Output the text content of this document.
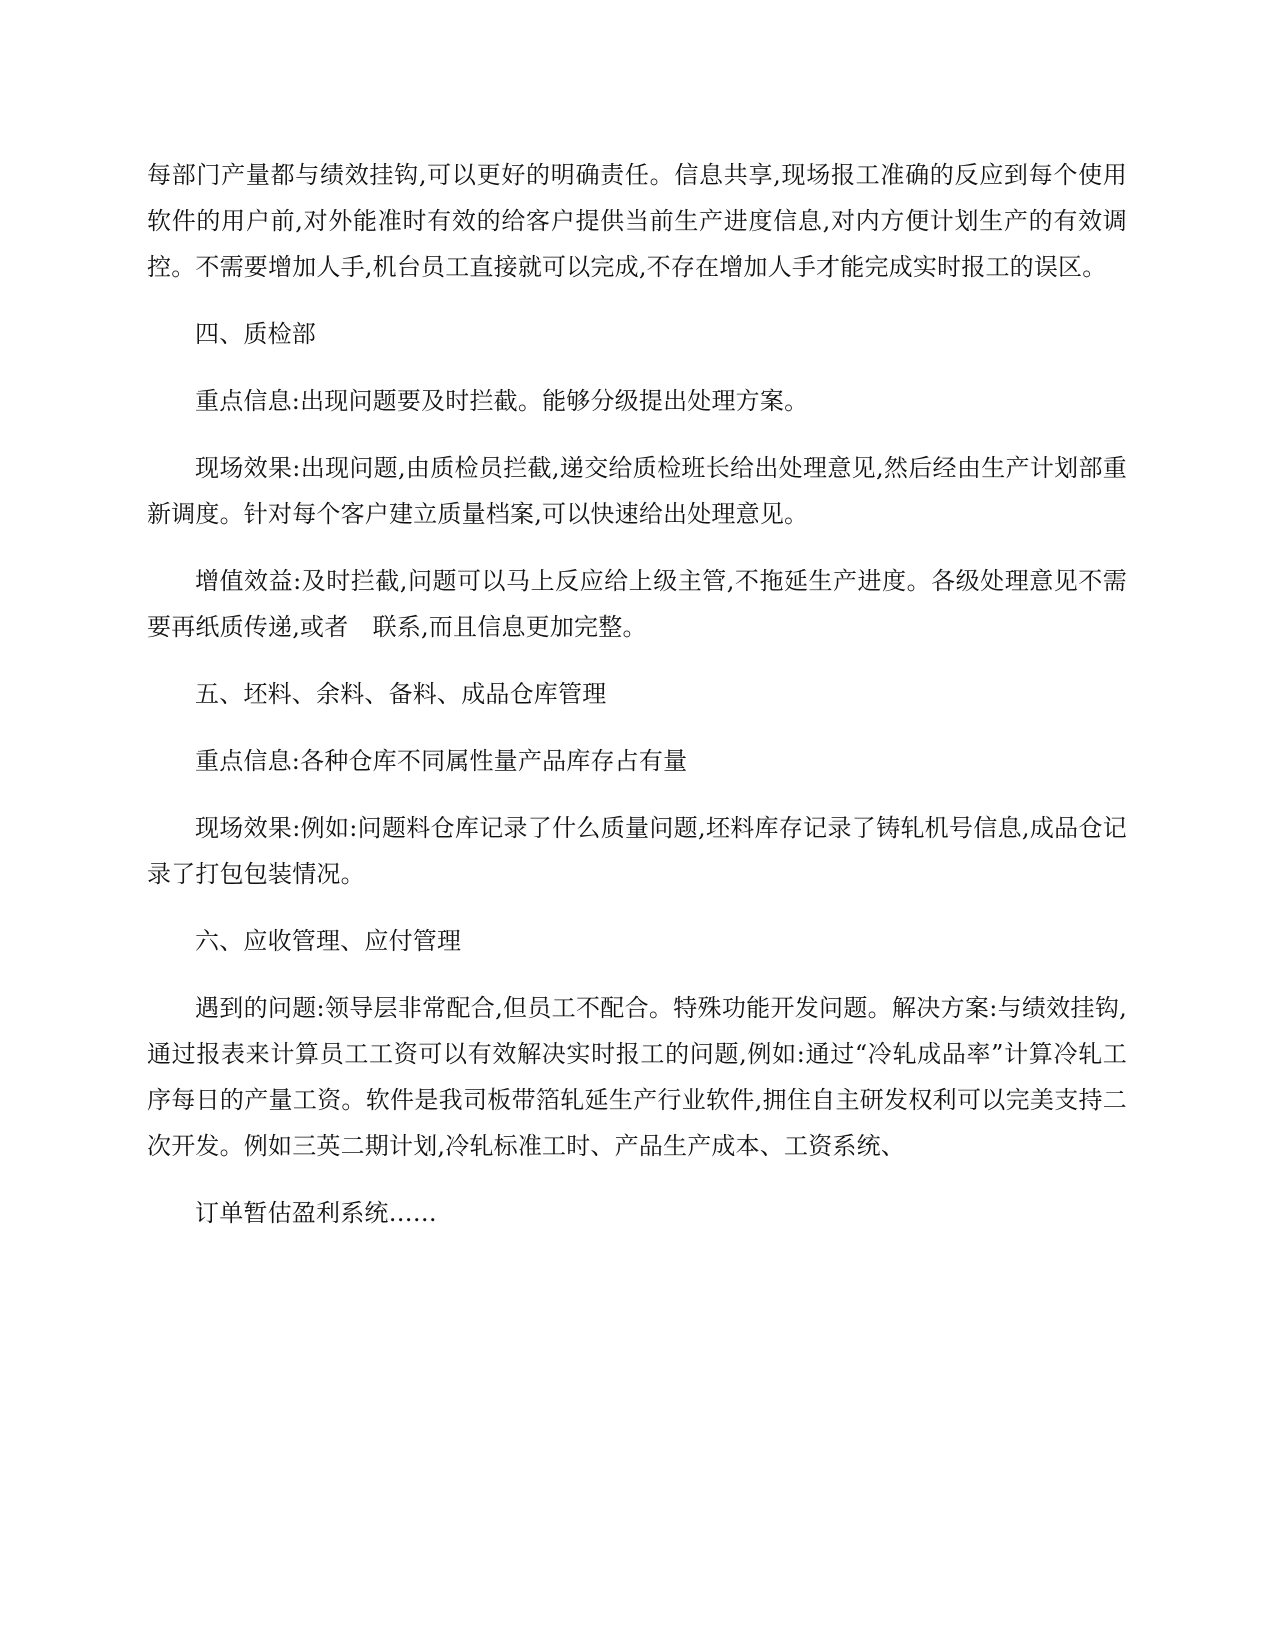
每部门产量都与绩效挂钩,可以更好的明确责任。信息共享,现场报工准确的反应到每个使用软件的用户前,对外能准时有效的给客户提供当前生产进度信息,对内方便计划生产的有效调控。不需要增加人手,机台员工直接就可以完成,不存在增加人手才能完成实时报工的误区。

四、质检部

重点信息:出现问题要及时拦截。能够分级提出处理方案。

现场效果:出现问题,由质检员拦截,递交给质检班长给出处理意见,然后经由生产计划部重新调度。针对每个客户建立质量档案,可以快速给出处理意见。

增值效益:及时拦截,问题可以马上反应给上级主管,不拖延生产进度。各级处理意见不需要再纸质传递,或者　联系,而且信息更加完整。

五、坯料、余料、备料、成品仓库管理

重点信息:各种仓库不同属性量产品库存占有量

现场效果:例如:问题料仓库记录了什么质量问题,坯料库存记录了铸轧机号信息,成品仓记录了打包包装情况。

六、应收管理、应付管理

遇到的问题:领导层非常配合,但员工不配合。特殊功能开发问题。解决方案:与绩效挂钩,通过报表来计算员工工资可以有效解决实时报工的问题,例如:通过“冷轧成品率”计算冷轧工序每日的产量工资。软件是我司板带箔轧延生产行业软件,拥住自主研发权利可以完美支持二次开发。例如三英二期计划,冷轧标准工时、产品生产成本、工资系统、

订单暂估盈利系统……
